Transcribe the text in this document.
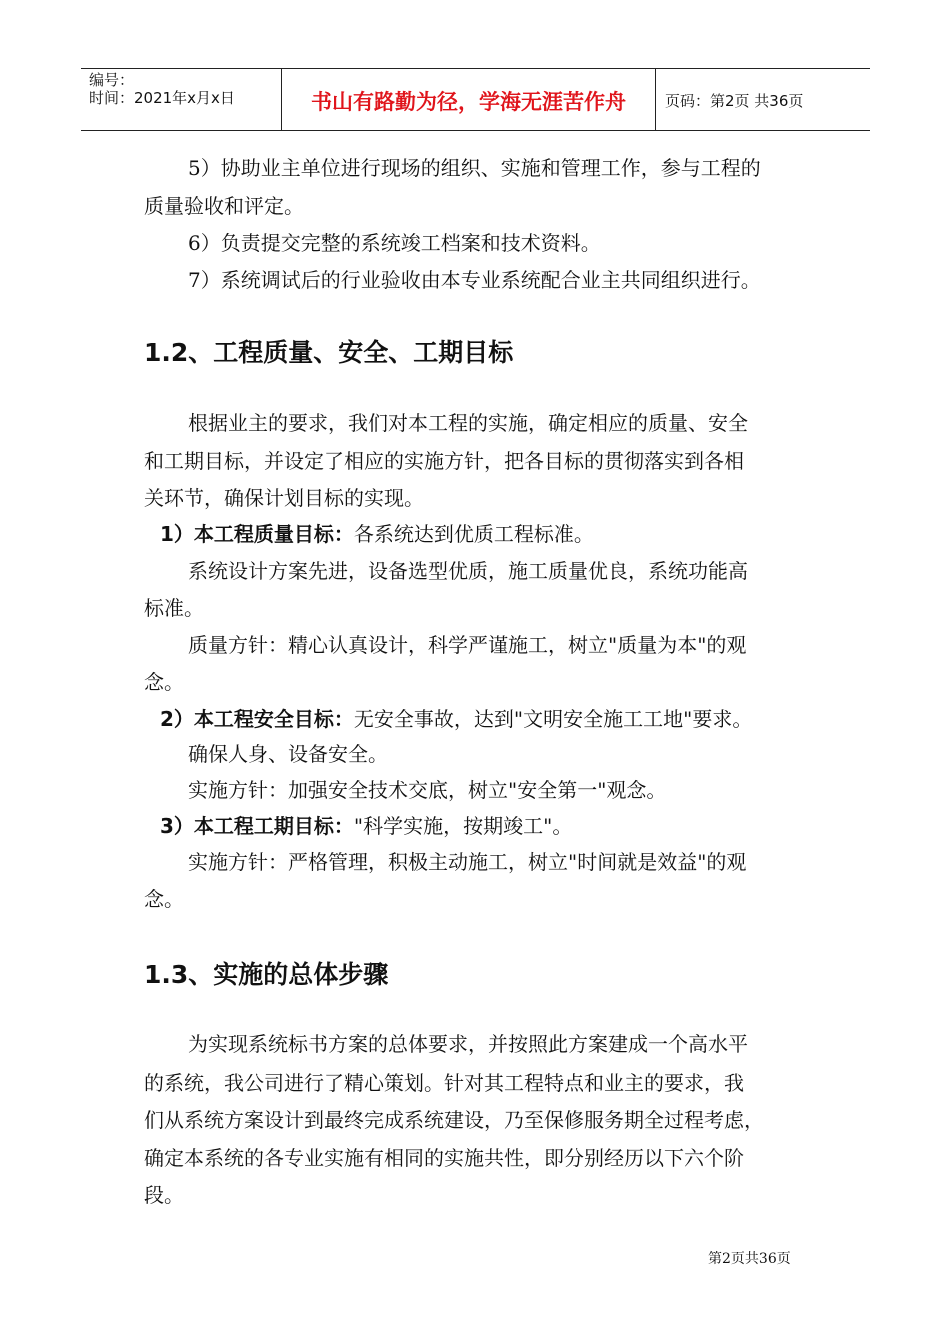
编号：
时间：2021年x月x日	书山有路勤为径，学海无涯苦作舟	页码：第2页 共36页
5）协助业主单位进行现场的组织、实施和管理工作，参与工程的
质量验收和评定。
6）负责提交完整的系统竣工档案和技术资料。
7）系统调试后的行业验收由本专业系统配合业主共同组织进行。
1.2、工程质量、安全、工期目标
根据业主的要求，我们对本工程的实施，确定相应的质量、安全
和工期目标，并设定了相应的实施方针，把各目标的贯彻落实到各相
关环节，确保计划目标的实现。
1）本工程质量目标：各系统达到优质工程标准。
系统设计方案先进，设备选型优质，施工质量优良，系统功能高
标准。
质量方针：精心认真设计，科学严谨施工，树立"质量为本"的观
念。
2）本工程安全目标：无安全事故，达到"文明安全施工工地"要求。
确保人身、设备安全。
实施方针：加强安全技术交底，树立"安全第一"观念。
3）本工程工期目标："科学实施，按期竣工"。
实施方针：严格管理，积极主动施工，树立"时间就是效益"的观
念。
1.3、实施的总体步骤
为实现系统标书方案的总体要求，并按照此方案建成一个高水平
的系统，我公司进行了精心策划。针对其工程特点和业主的要求，我
们从系统方案设计到最终完成系统建设，乃至保修服务期全过程考虑，
确定本系统的各专业实施有相同的实施共性，即分别经历以下六个阶
段。
第2页共36页
